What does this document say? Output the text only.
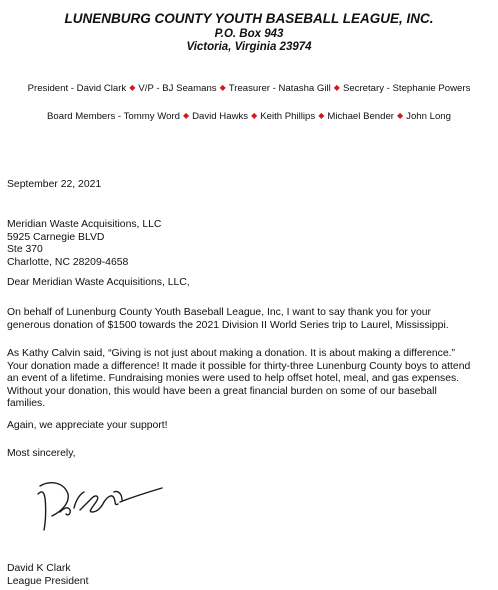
LUNENBURG COUNTY YOUTH BASEBALL LEAGUE, INC.
P.O. Box 943
Victoria, Virginia 23974
President - David Clark ◆ V/P - BJ Seamans ◆ Treasurer - Natasha Gill ◆ Secretary - Stephanie Powers
Board Members - Tommy Word ◆ David Hawks ◆ Keith Phillips ◆ Michael Bender ◆ John Long
September 22, 2021
Meridian Waste Acquisitions, LLC
5925 Carnegie BLVD
Ste 370
Charlotte, NC 28209-4658
Dear Meridian Waste Acquisitions, LLC,
On behalf of Lunenburg County Youth Baseball League, Inc, I want to say thank you for your
generous donation of $1500 towards the 2021 Division II World Series trip to Laurel, Mississippi.
As Kathy Calvin said, “Giving is not just about making a donation. It is about making a difference.”
Your donation made a difference! It made it possible for thirty-three Lunenburg County boys to attend
an event of a lifetime. Fundraising monies were used to help offset hotel, meal, and gas expenses.
Without your donation, this would have been a great financial burden on some of our baseball
families.
Again, we appreciate your support!
Most sincerely,
David K Clark
League President
